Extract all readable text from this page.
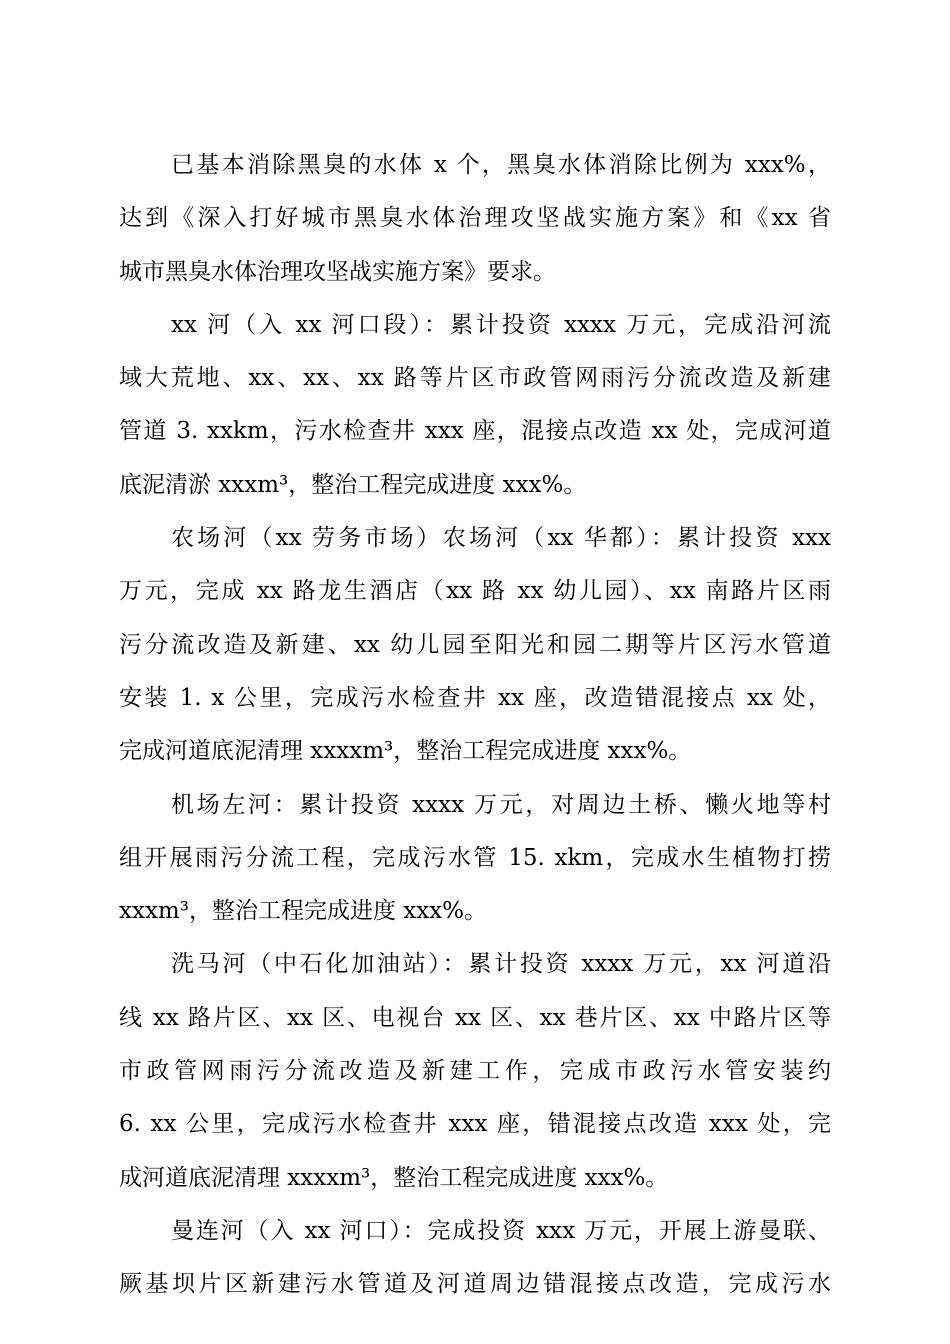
已基本消除黑臭的水体 x 个，黑臭水体消除比例为 xxx%，
达到《深入打好城市黑臭水体治理攻坚战实施方案》和《xx 省
城市黑臭水体治理攻坚战实施方案》要求。
xx 河（入 xx 河口段）：累计投资 xxxx 万元，完成沿河流
域大荒地、xx、xx、xx 路等片区市政管网雨污分流改造及新建
管道 3. xxkm，污水检查井 xxx 座，混接点改造 xx 处，完成河道
底泥清淤 xxxm³，整治工程完成进度 xxx%。
农场河（xx 劳务市场）农场河（xx 华都）：累计投资 xxx
万元，完成 xx 路龙生酒店（xx 路 xx 幼儿园）、xx 南路片区雨
污分流改造及新建、xx 幼儿园至阳光和园二期等片区污水管道
安装 1. x 公里，完成污水检查井 xx 座，改造错混接点 xx 处，
完成河道底泥清理 xxxxm³，整治工程完成进度 xxx%。
机场左河：累计投资 xxxx 万元，对周边土桥、懒火地等村
组开展雨污分流工程，完成污水管 15. xkm，完成水生植物打捞
xxxm³，整治工程完成进度 xxx%。
洗马河（中石化加油站）：累计投资 xxxx 万元，xx 河道沿
线 xx 路片区、xx 区、电视台 xx 区、xx 巷片区、xx 中路片区等
市政管网雨污分流改造及新建工作，完成市政污水管安装约
6. xx 公里，完成污水检查井 xxx 座，错混接点改造 xxx 处，完
成河道底泥清理 xxxxm³，整治工程完成进度 xxx%。
曼连河（入 xx 河口）：完成投资 xxx 万元，开展上游曼联、
厥基坝片区新建污水管道及河道周边错混接点改造，完成污水
